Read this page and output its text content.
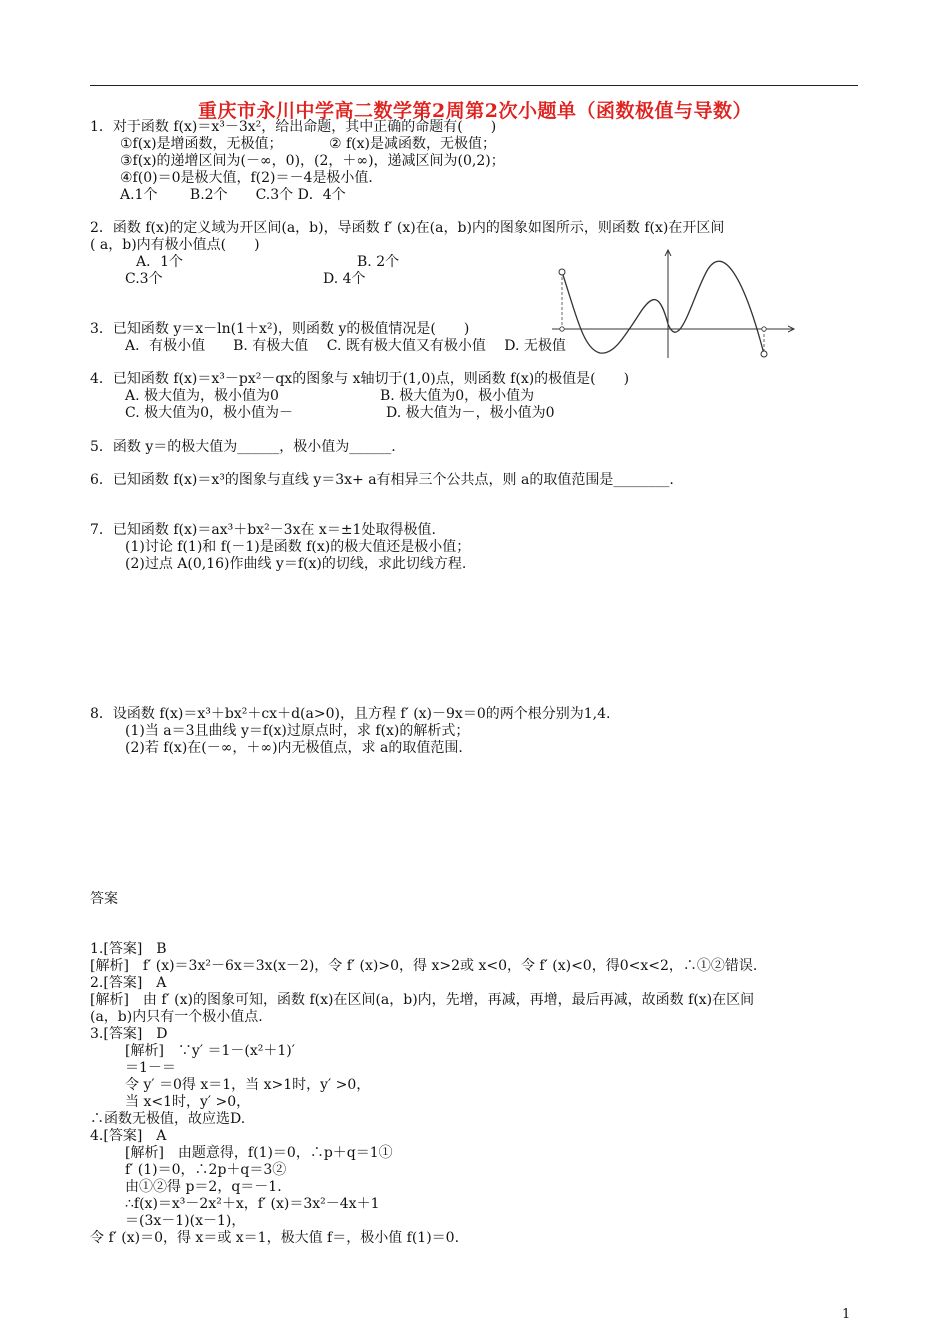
重庆市永川中学高二数学第2周第2次小题单（函数极值与导数）
1．对于函数 f(x)＝x³－3x²，给出命题，其中正确的命题有(　　)
①f(x)是增函数，无极值；	② f(x)是减函数，无极值；
③f(x)的递增区间为(－∞，0)，(2，＋∞)，递减区间为(0,2)；
④f(0)＝0是极大值，f(2)＝－4是极小值．
A.1个　　 B.2个　　C.3个 D．4个
2．函数 f(x)的定义域为开区间(a，b)，导函数 f′ (x)在(a，b)内的图象如图所示，则函数 f(x)在开区间
( a，b)内有极小值点(　　)
A．1个	B. 2个
C.3个	D. 4个
3．已知函数 y＝x－ln(1＋x²)，则函数 y的极值情况是(　　)
A．有极小值　　B. 有极大值　 C. 既有极大值又有极小值　 D. 无极值
4．已知函数 f(x)＝x³－px²－qx的图象与 x轴切于(1,0)点，则函数 f(x)的极值是(　　)
A. 极大值为，极小值为0	B. 极大值为0，极小值为
C. 极大值为0，极小值为－	D. 极大值为－，极小值为0
5．函数 y＝的极大值为______，极小值为______.
6．已知函数 f(x)＝x³的图象与直线 y＝3x+ a有相异三个公共点，则 a的取值范围是________.
7．已知函数 f(x)＝ax³＋bx²－3x在 x＝±1处取得极值.
(1)讨论 f(1)和 f(－1)是函数 f(x)的极大值还是极小值；
(2)过点 A(0,16)作曲线 y＝f(x)的切线，求此切线方程.
8．设函数 f(x)＝x³＋bx²＋cx＋d(a>0)，且方程 f′ (x)－9x＝0的两个根分别为1,4.
(1)当 a＝3且曲线 y＝f(x)过原点时，求 f(x)的解析式；
(2)若 f(x)在(－∞，＋∞)内无极值点，求 a的取值范围.
答案
1.[答案]　B
[解析]　f′ (x)＝3x²－6x＝3x(x－2)，令 f′ (x)>0，得 x>2或 x<0，令 f′ (x)<0，得0<x<2，∴①②错误.
2.[答案]　A
[解析]　由 f′ (x)的图象可知，函数 f(x)在区间(a，b)内，先增，再减，再增，最后再减，故函数 f(x)在区间
(a，b)内只有一个极小值点.
3.[答案]　D
[解析]　∵y′ ＝1－(x²＋1)′
＝1－＝
令 y′ ＝0得 x＝1，当 x>1时，y′ >0，
当 x<1时，y′ >0，
∴函数无极值，故应选D.
4.[答案]　A
[解析]　由题意得，f(1)＝0，∴p＋q＝1①
f′ (1)＝0，∴2p＋q＝3②
由①②得 p＝2，q＝－1.
∴f(x)＝x³－2x²＋x，f′ (x)＝3x²－4x＋1
＝(3x－1)(x－1)，
令 f′ (x)＝0，得 x＝或 x＝1，极大值 f＝，极小值 f(1)＝0.
1
